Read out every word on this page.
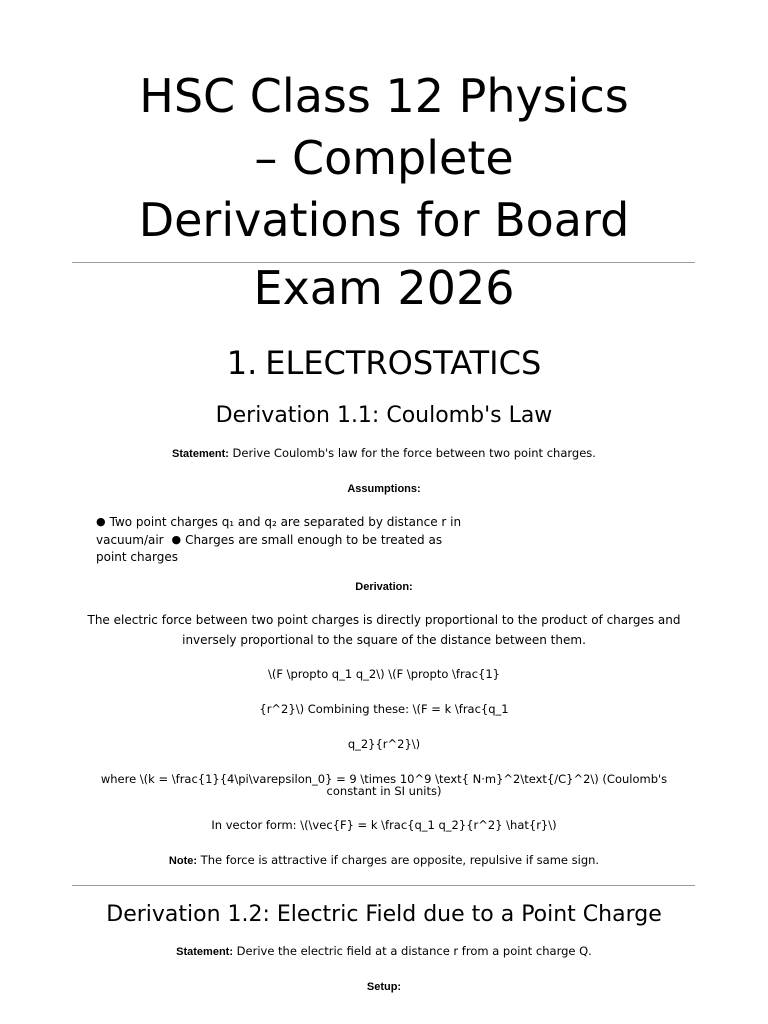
HSC Class 12 Physics
– Complete
Derivations for Board
Exam 2026
1. ELECTROSTATICS
Derivation 1.1: Coulomb's Law
Statement: Derive Coulomb's law for the force between two point charges.
Assumptions:
● Two point charges q₁ and q₂ are separated by distance r in vacuum/air ● Charges are small enough to be treated as point charges
Derivation:
The electric force between two point charges is directly proportional to the product of charges and
inversely proportional to the square of the distance between them.
\(F \propto q_1 q_2\) \(F \propto \frac{1}
{r^2}\) Combining these: \(F = k \frac{q_1
q_2}{r^2}\)
where \(k = \frac{1}{4\pi\varepsilon_0} = 9 \times 10^9 \text{ N·m}^2\text{/C}^2\) (Coulomb's
constant in SI units)
In vector form: \(\vec{F} = k \frac{q_1 q_2}{r^2} \hat{r}\)
Note: The force is attractive if charges are opposite, repulsive if same sign.
Derivation 1.2: Electric Field due to a Point Charge
Statement: Derive the electric field at a distance r from a point charge Q.
Setup:
